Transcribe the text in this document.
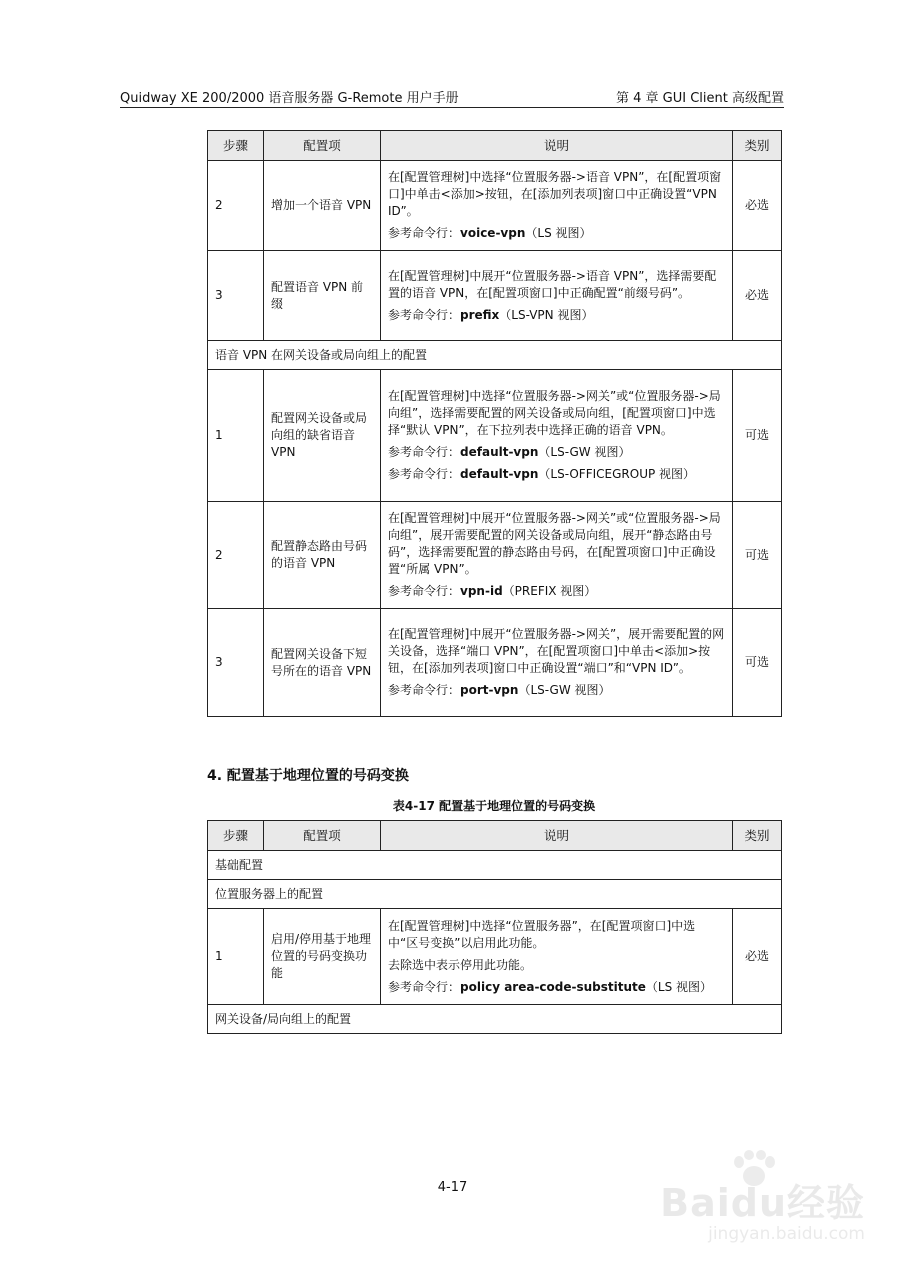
Quidway XE 200/2000 语音服务器 G-Remote 用户手册	第 4 章 GUI Client 高级配置
步骤	配置项	说明	类别
2	增加一个语音 VPN	在[配置管理树]中选择“位置服务器->语音 VPN”，在[配置项窗口]中单击<添加>按钮，在[添加列表项]窗口中正确设置“VPN ID”。

参考命令行：voice-vpn（LS 视图）	必选
3	配置语音 VPN 前缀	在[配置管理树]中展开“位置服务器->语音 VPN”，选择需要配置的语音 VPN，在[配置项窗口]中正确配置“前缀号码”。

参考命令行：prefix（LS-VPN 视图）	必选
语音 VPN 在网关设备或局向组上的配置			
1	配置网关设备或局向组的缺省语音 VPN	在[配置管理树]中选择“位置服务器->网关”或“位置服务器->局向组”，选择需要配置的网关设备或局向组，[配置项窗口]中选择“默认 VPN”，在下拉列表中选择正确的语音 VPN。

参考命令行：default-vpn（LS-GW 视图）

参考命令行：default-vpn（LS-OFFICEGROUP 视图）	可选
2	配置静态路由号码的语音 VPN	在[配置管理树]中展开“位置服务器->网关”或“位置服务器->局向组”，展开需要配置的网关设备或局向组，展开“静态路由号码”，选择需要配置的静态路由号码，在[配置项窗口]中正确设置“所属 VPN”。

参考命令行：vpn-id（PREFIX 视图）	可选
3	配置网关设备下短号所在的语音 VPN	在[配置管理树]中展开“位置服务器->网关”，展开需要配置的网关设备，选择“端口 VPN”，在[配置项窗口]中单击<添加>按钮，在[添加列表项]窗口中正确设置“端口”和“VPN ID”。

参考命令行：port-vpn（LS-GW 视图）	可选
4. 配置基于地理位置的号码变换
表4-17 配置基于地理位置的号码变换
步骤	配置项	说明	类别
基础配置			
位置服务器上的配置			
1	启用/停用基于地理位置的号码变换功能	在[配置管理树]中选择“位置服务器”，在[配置项窗口]中选中“区号变换”以启用此功能。

去除选中表示停用此功能。

参考命令行：policy area-code-substitute（LS 视图）	必选
网关设备/局向组上的配置			
4-17	Baidu经验
jingyan.baidu.com
